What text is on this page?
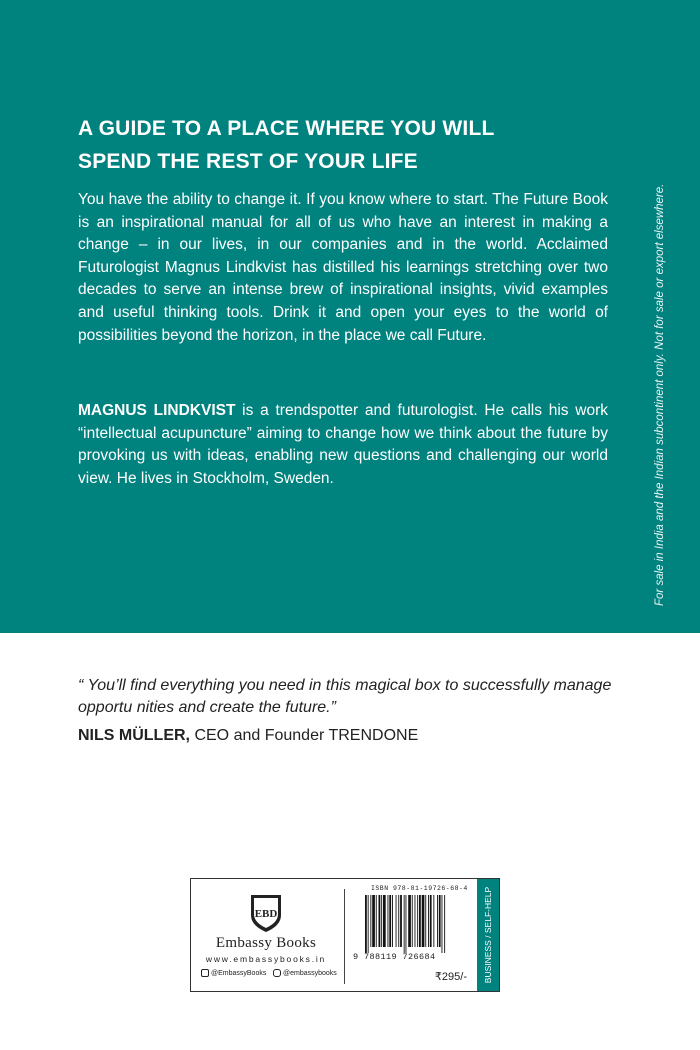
A GUIDE TO A PLACE WHERE YOU WILL
SPEND THE REST OF YOUR LIFE

You have the ability to change it. If you know where to start. The Future Book is an inspirational manual for all of us who have an interest in making a change – in our lives, in our companies and in the world. Acclaimed Futurologist Magnus Lindkvist has distilled his learnings stretching over two decades to serve an intense brew of inspirational insights, vivid examples and useful thinking tools. Drink it and open your eyes to the world of possibilities beyond the horizon, in the place we call Future.

MAGNUS LINDKVIST is a trendspotter and futurologist. He calls his work “intellectual acupuncture” aiming to change how we think about the future by provoking us with ideas, enabling new questions and challenging our world view. He lives in Stockholm, Sweden.	For sale in India and the Indian subcontinent only. Not for sale or export elsewhere.

“ You’ll find everything you need in this magical box to successfully manage opportu nities and create the future.”

NILS MÜLLER, CEO and Founder TRENDONE

EBD
Embassy Books
www.embassybooks.in
@EmbassyBooks @embassybooks
ISBN 978-81-19726-68-4
9 788119 726684
₹295/- BUSINESS / SELF-HELP
